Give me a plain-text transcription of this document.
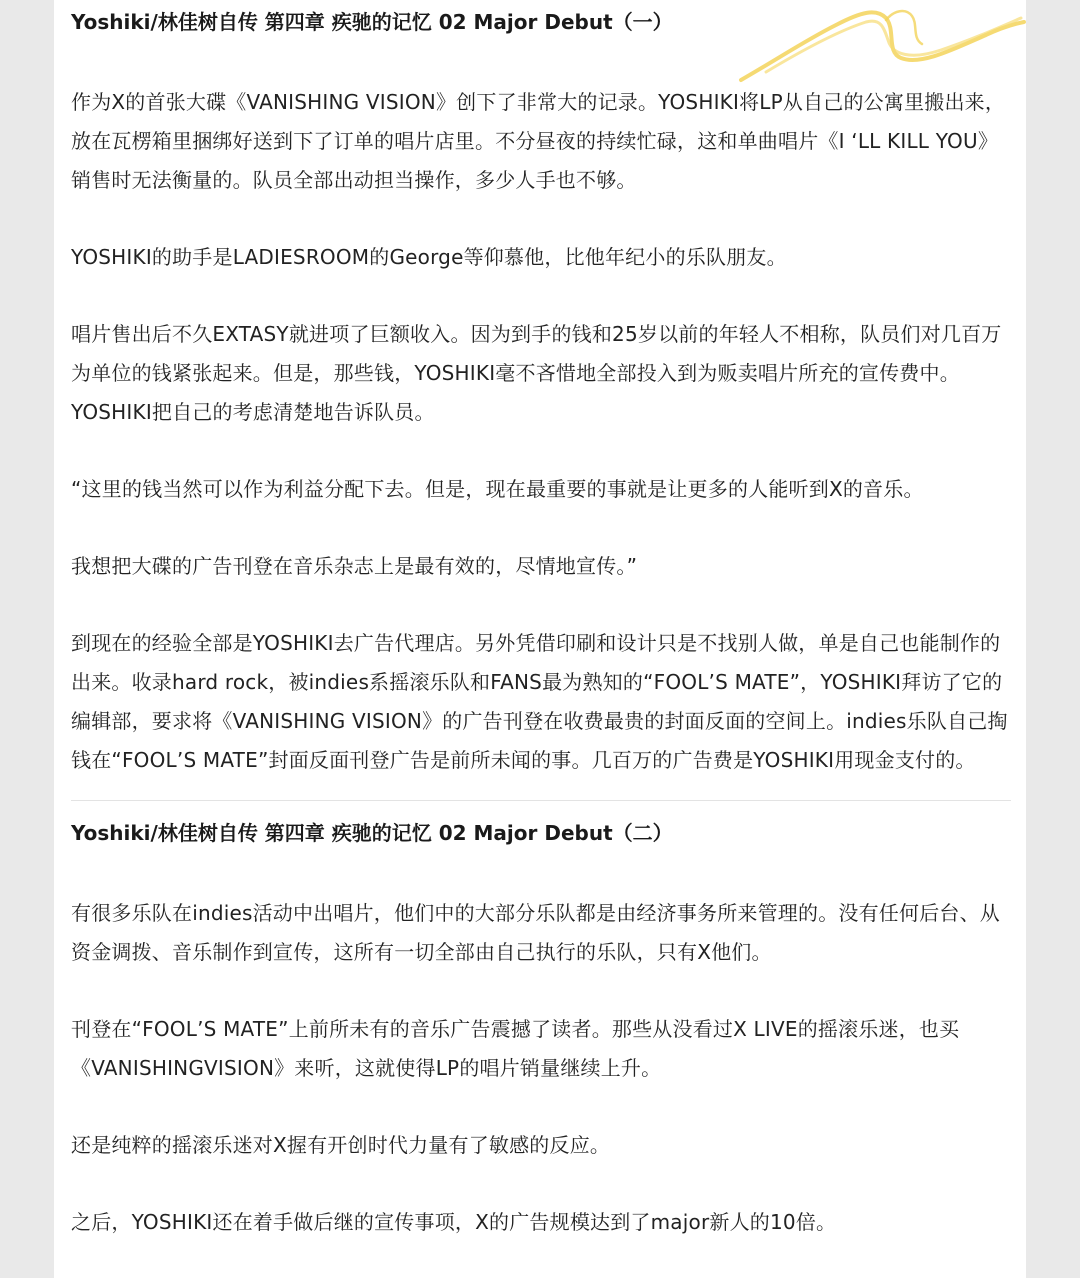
Yoshiki/林佳树自传 第四章 疾驰的记忆 02 Major Debut（一）

作为X的首张大碟《VANISHING VISION》创下了非常大的记录。YOSHIKI将LP从自己的公寓里搬出来，放在瓦楞箱里捆绑好送到下了订单的唱片店里。不分昼夜的持续忙碌，这和单曲唱片《I ‘LL KILL YOU》销售时无法衡量的。队员全部出动担当操作，多少人手也不够。

YOSHIKI的助手是LADIESROOM的George等仰慕他，比他年纪小的乐队朋友。

唱片售出后不久EXTASY就进项了巨额收入。因为到手的钱和25岁以前的年轻人不相称，队员们对几百万为单位的钱紧张起来。但是，那些钱，YOSHIKI毫不吝惜地全部投入到为贩卖唱片所充的宣传费中。YOSHIKI把自己的考虑清楚地告诉队员。

“这里的钱当然可以作为利益分配下去。但是，现在最重要的事就是让更多的人能听到X的音乐。

我想把大碟的广告刊登在音乐杂志上是最有效的，尽情地宣传。”

到现在的经验全部是YOSHIKI去广告代理店。另外凭借印刷和设计只是不找别人做，单是自己也能制作的出来。收录hard rock，被indies系摇滚乐队和FANS最为熟知的“FOOL’S MATE”，YOSHIKI拜访了它的编辑部，要求将《VANISHING VISION》的广告刊登在收费最贵的封面反面的空间上。indies乐队自己掏钱在“FOOL’S MATE”封面反面刊登广告是前所未闻的事。几百万的广告费是YOSHIKI用现金支付的。

Yoshiki/林佳树自传 第四章 疾驰的记忆 02 Major Debut（二）

有很多乐队在indies活动中出唱片，他们中的大部分乐队都是由经济事务所来管理的。没有任何后台、从资金调拨、音乐制作到宣传，这所有一切全部由自己执行的乐队，只有X他们。

刊登在“FOOL’S MATE”上前所未有的音乐广告震撼了读者。那些从没看过X LIVE的摇滚乐迷，也买《VANISHINGVISION》来听，这就使得LP的唱片销量继续上升。

还是纯粹的摇滚乐迷对X握有开创时代力量有了敏感的反应。

之后，YOSHIKI还在着手做后继的宣传事项，X的广告规模达到了major新人的10倍。
